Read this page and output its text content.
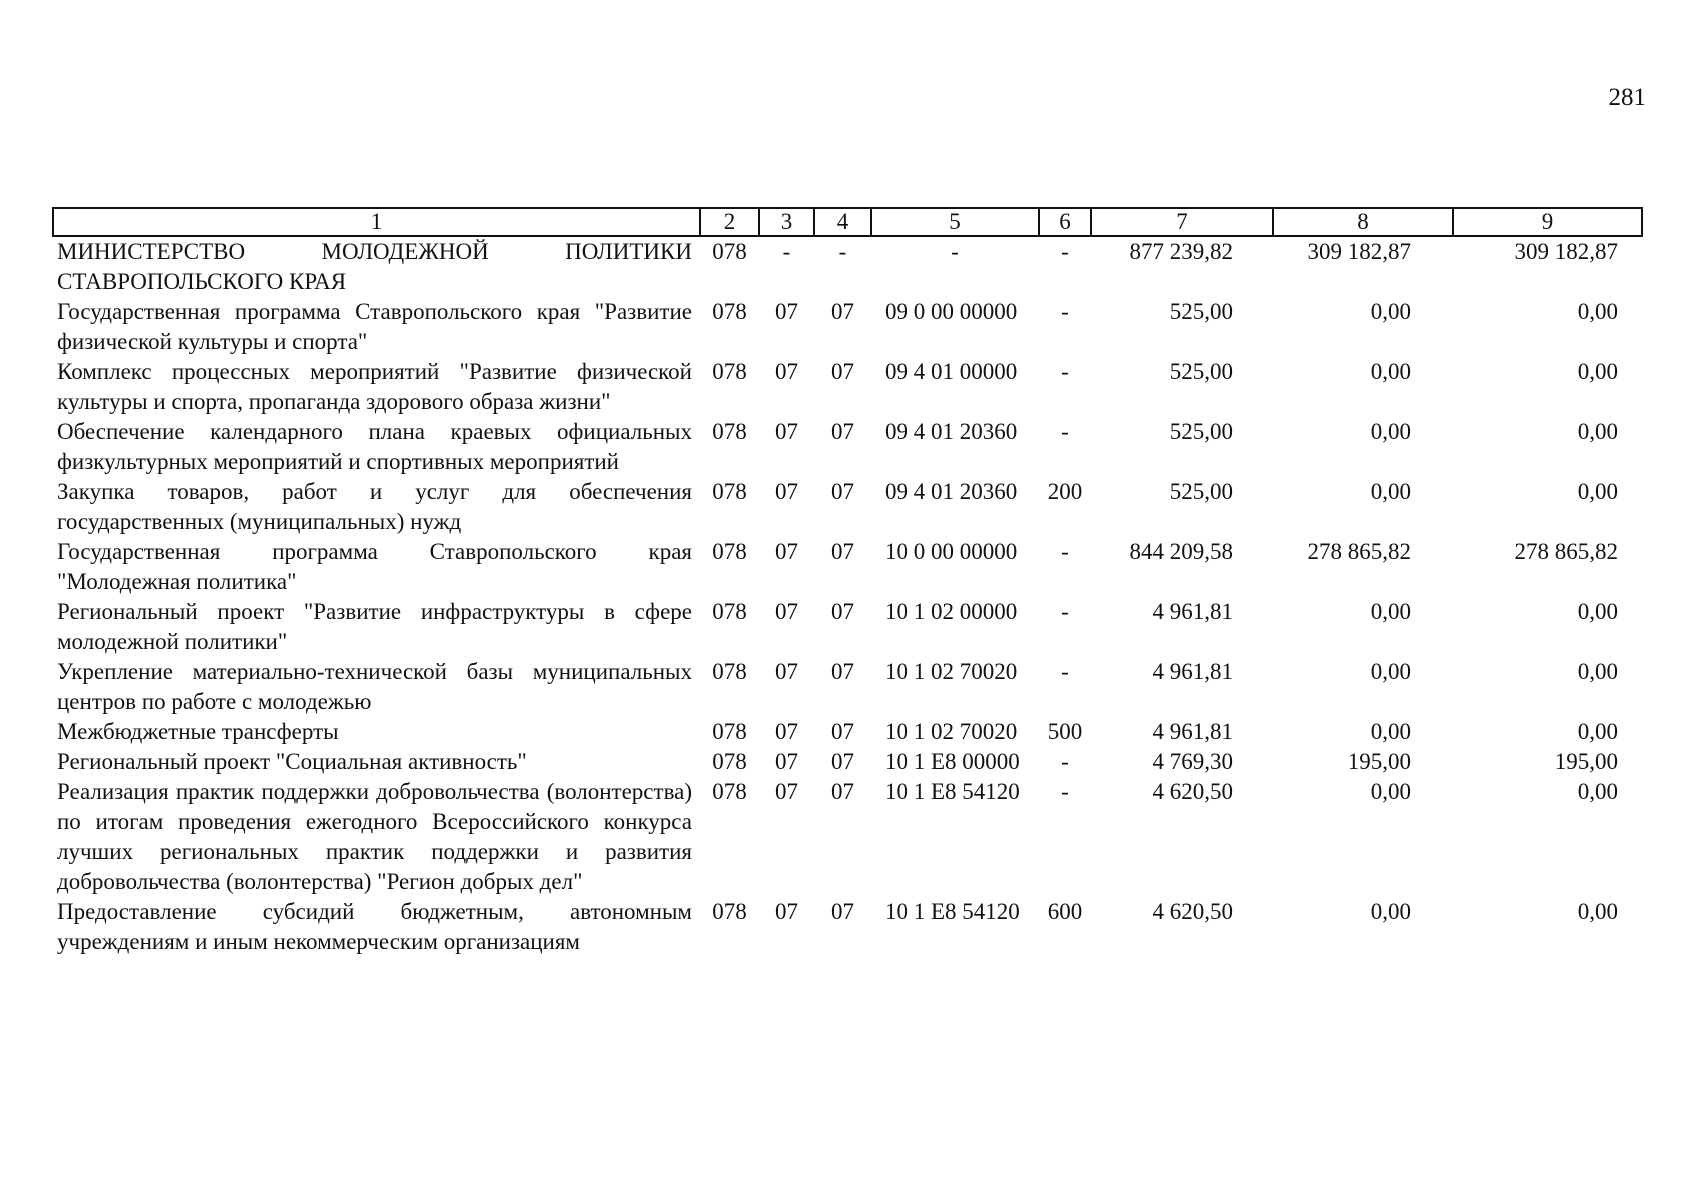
281
1	2	3	4	5	6	7	8	9
МИНИСТЕРСТВО МОЛОДЕЖНОЙ ПОЛИТИКИ СТАВРОПОЛЬСКОГО КРАЯ	078	-	-	-	-	877 239,82	309 182,87	309 182,87
Государственная программа Ставропольского края "Развитие физической культуры и спорта"	078	07	07	09 0 00 00000	-	525,00	0,00	0,00
Комплекс процессных мероприятий "Развитие физической культуры и спорта, пропаганда здорового образа жизни"	078	07	07	09 4 01 00000	-	525,00	0,00	0,00
Обеспечение календарного плана краевых официальных физкультурных мероприятий и спортивных мероприятий	078	07	07	09 4 01 20360	-	525,00	0,00	0,00
Закупка товаров, работ и услуг для обеспечения государственных (муниципальных) нужд	078	07	07	09 4 01 20360	200	525,00	0,00	0,00
Государственная программа Ставропольского края "Молодежная политика"	078	07	07	10 0 00 00000	-	844 209,58	278 865,82	278 865,82
Региональный проект "Развитие инфраструктуры в сфере молодежной политики"	078	07	07	10 1 02 00000	-	4 961,81	0,00	0,00
Укрепление материально-технической базы муниципальных центров по работе с молодежью	078	07	07	10 1 02 70020	-	4 961,81	0,00	0,00
Межбюджетные трансферты	078	07	07	10 1 02 70020	500	4 961,81	0,00	0,00
Региональный проект "Социальная активность"	078	07	07	10 1 E8 00000	-	4 769,30	195,00	195,00
Реализация практик поддержки добровольчества (волонтерства) по итогам проведения ежегодного Всероссийского конкурса лучших региональных практик поддержки и развития добровольчества (волонтерства) "Регион добрых дел"	078	07	07	10 1 E8 54120	-	4 620,50	0,00	0,00
Предоставление субсидий бюджетным, автономным учреждениям и иным некоммерческим организациям	078	07	07	10 1 E8 54120	600	4 620,50	0,00	0,00
